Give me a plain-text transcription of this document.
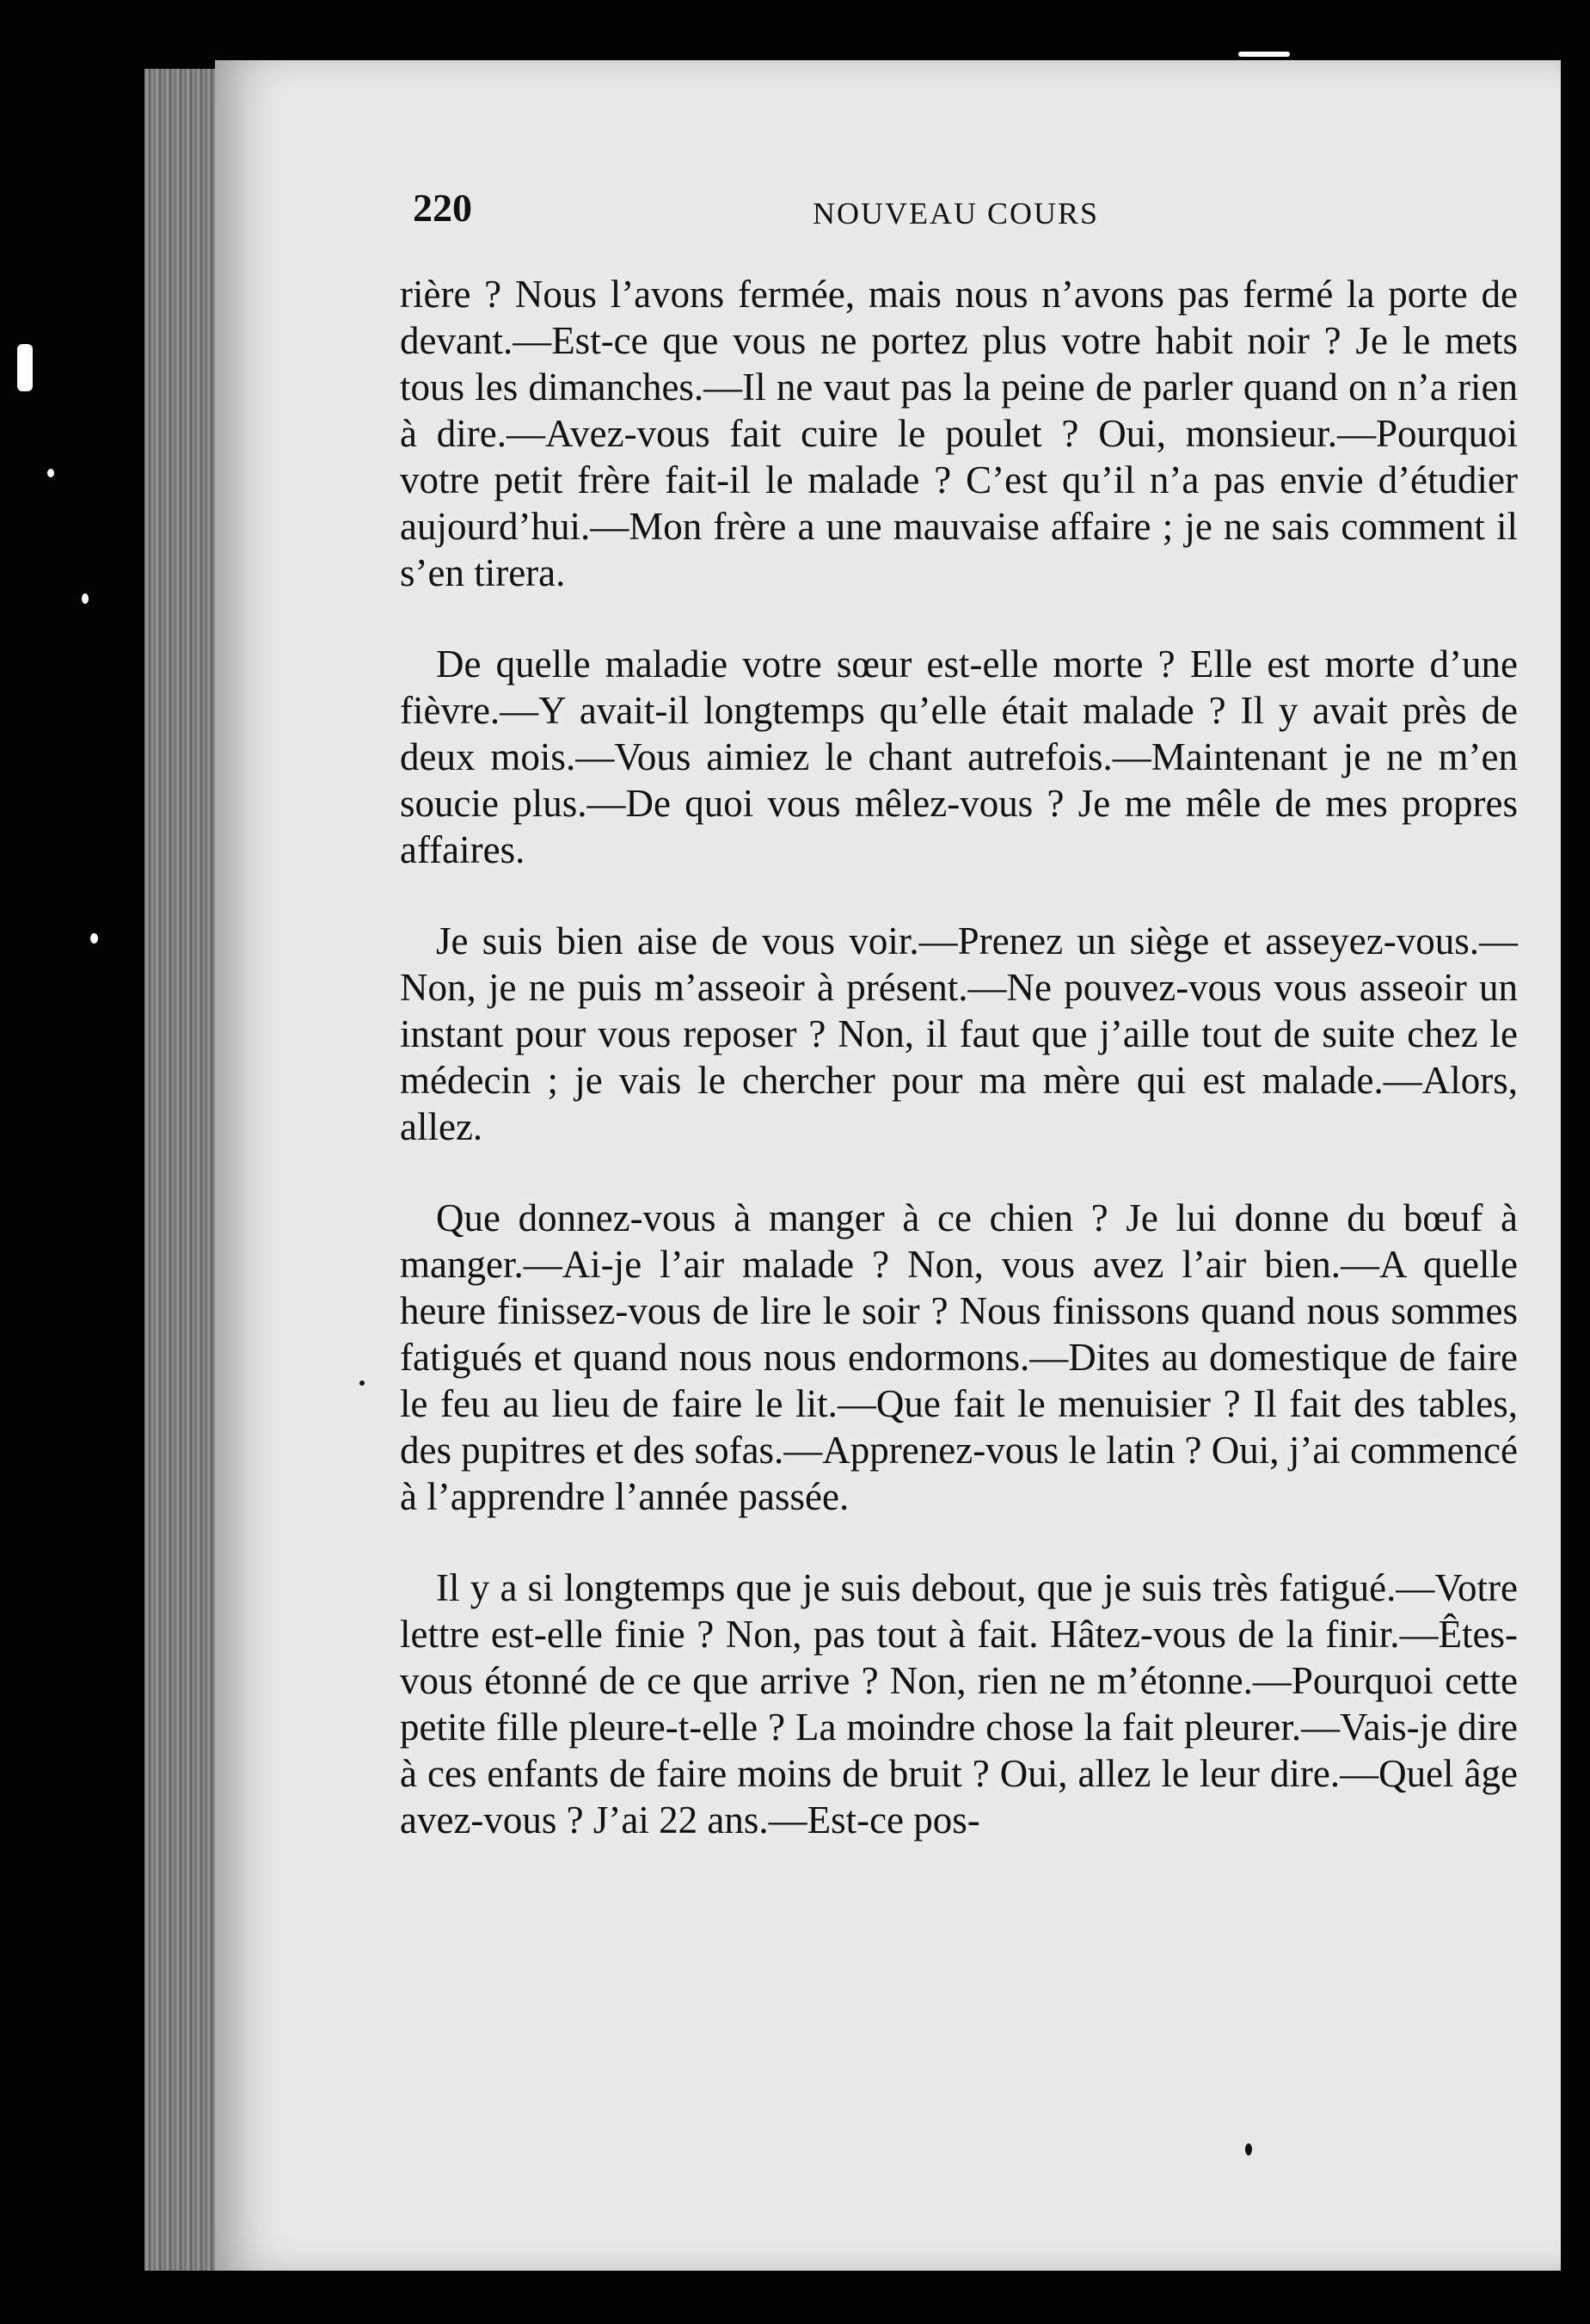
220	NOUVEAU COURS

rière ? Nous l’avons fermée, mais nous n’avons pas fermé la porte de devant.—Est-ce que vous ne portez plus votre habit noir ? Je le mets tous les dimanches.—Il ne vaut pas la peine de parler quand on n’a rien à dire.—Avez-vous fait cuire le poulet ? Oui, monsieur.—Pourquoi votre petit frère fait-il le malade ? C’est qu’il n’a pas envie d’étudier aujourd’hui.—Mon frère a une mauvaise affaire ; je ne sais comment il s’en tirera.

De quelle maladie votre sœur est-elle morte ? Elle est morte d’une fièvre.—Y avait-il longtemps qu’elle était malade ? Il y avait près de deux mois.—Vous aimiez le chant autrefois.—Maintenant je ne m’en soucie plus.—De quoi vous mêlez-vous ? Je me mêle de mes propres affaires.

Je suis bien aise de vous voir.—Prenez un siège et asseyez-vous.—Non, je ne puis m’asseoir à présent.—Ne pouvez-vous vous asseoir un instant pour vous reposer ? Non, il faut que j’aille tout de suite chez le médecin ; je vais le chercher pour ma mère qui est malade.—Alors, allez.

Que donnez-vous à manger à ce chien ? Je lui donne du bœuf à manger.—Ai-je l’air malade ? Non, vous avez l’air bien.—A quelle heure finissez-vous de lire le soir ? Nous finissons quand nous sommes fatigués et quand nous nous endormons.—Dites au domestique de faire le feu au lieu de faire le lit.—Que fait le menuisier ? Il fait des tables, des pupitres et des sofas.—Apprenez-vous le latin ? Oui, j’ai commencé à l’apprendre l’année passée.

Il y a si longtemps que je suis debout, que je suis très fatigué.—Votre lettre est-elle finie ? Non, pas tout à fait. Hâtez-vous de la finir.—Êtes-vous étonné de ce que arrive ? Non, rien ne m’étonne.—Pourquoi cette petite fille pleure-t-elle ? La moindre chose la fait pleurer.—Vais-je dire à ces enfants de faire moins de bruit ? Oui, allez le leur dire.—Quel âge avez-vous ? J’ai 22 ans.—Est-ce pos-
